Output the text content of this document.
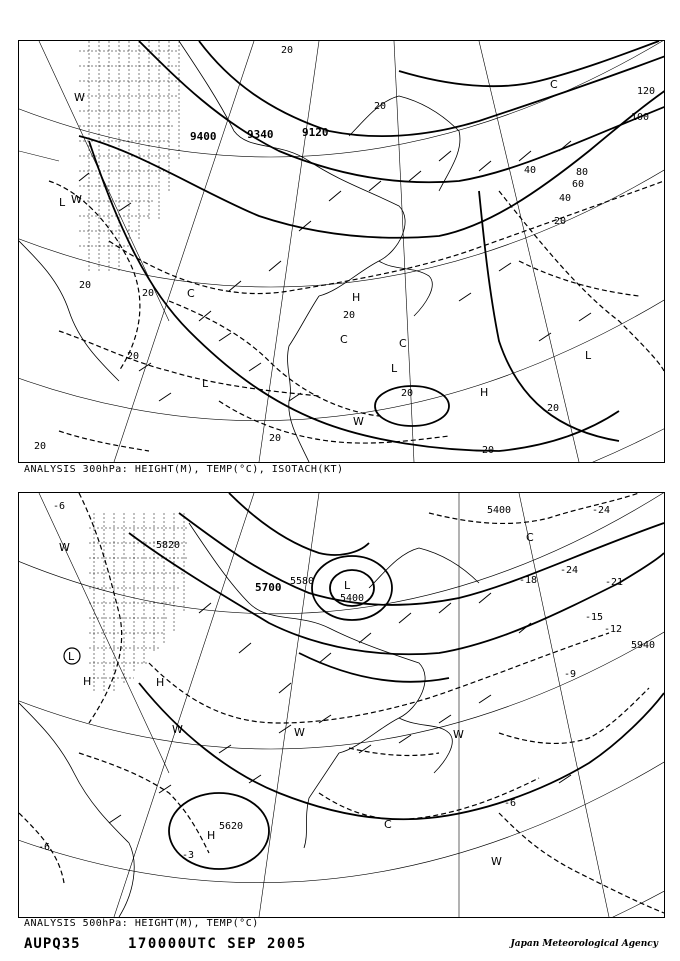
9400	9340	9120
20
20
20
20
20
20
20
20
20
20
20
20
40
40
60
80
100
120
H
H
L
L
L
L
C
C	C
C
W
W
W
ANALYSIS 300hPa: HEIGHT(M), TEMP(°C), ISOTACH(KT)
5700 5580
5400
5400
5820
5940
5620
-24
-24
-21
-18
-15
-12
-9
-6
-6
-6
-3
L
L
H
H
H
C
C
W
W	W
W
W
ANALYSIS 500hPa: HEIGHT(M), TEMP(°C)
AUPQ35	170000UTC SEP 2005	Japan Meteorological Agency
